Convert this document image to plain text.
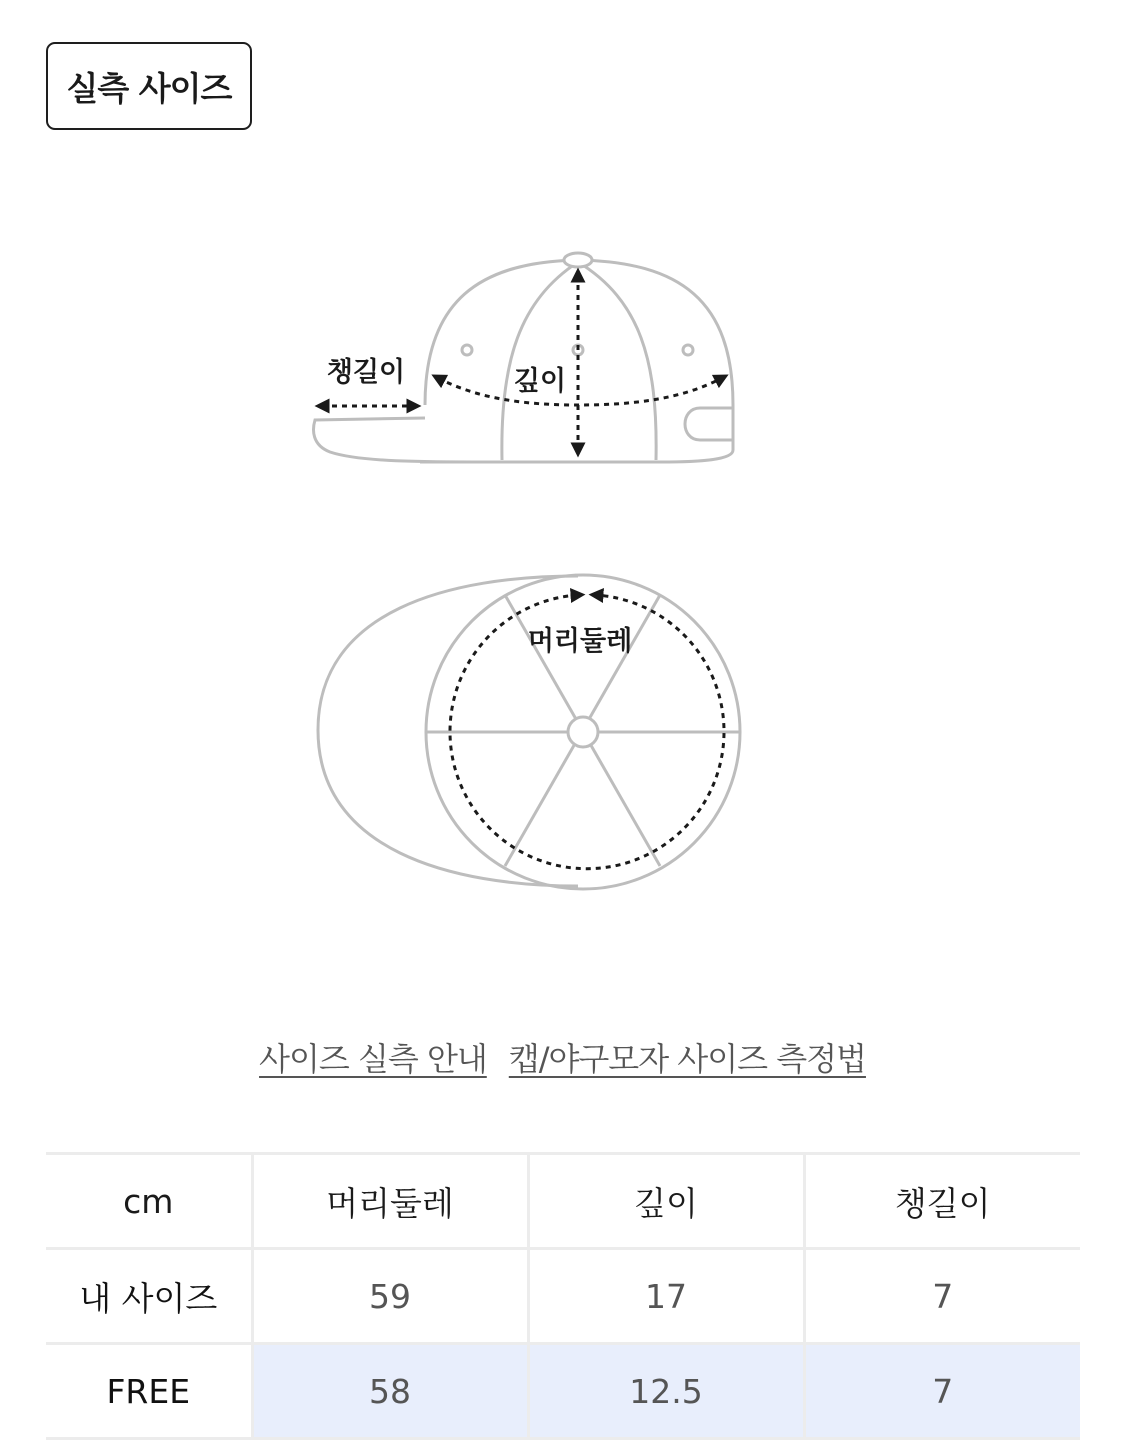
실측 사이즈
챙길이	깊이
머리둘레
사이즈 실측 안내 캡/야구모자 사이즈 측정법
cm	머리둘레	깊이	챙길이
내 사이즈	59	17	7
FREE	58	12.5	7
